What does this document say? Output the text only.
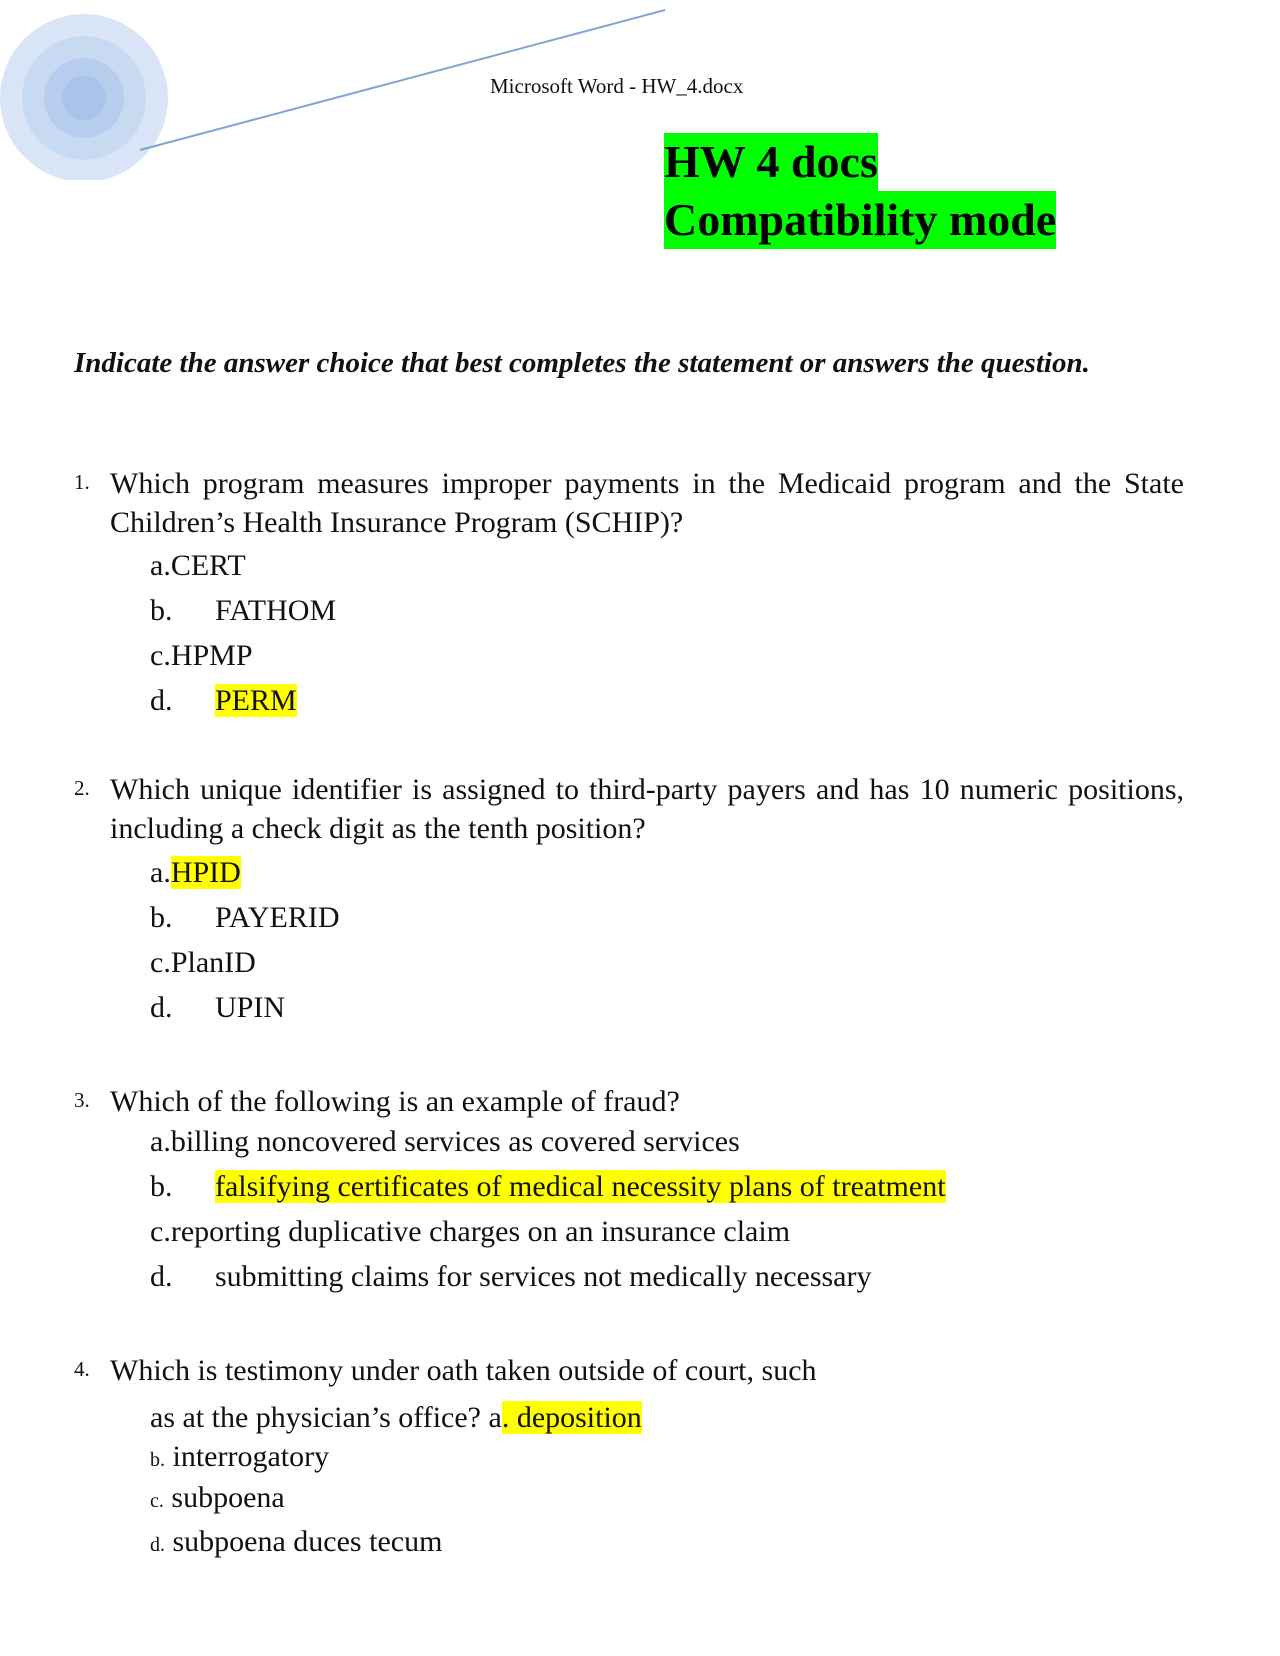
Microsoft Word - HW_4.docx
HW 4 docs
Compatibility mode
Indicate the answer choice that best completes the statement or answers the question.
1. Which program measures improper payments in the Medicaid program and the State Children’s Health Insurance Program (SCHIP)?
a.CERT
b. FATHOM
c.HPMP
d. PERM
2. Which unique identifier is assigned to third-party payers and has 10 numeric positions, including a check digit as the tenth position?
a.HPID
b. PAYERID
c.PlanID
d. UPIN
3. Which of the following is an example of fraud?
a.billing noncovered services as covered services
b. falsifying certificates of medical necessity plans of treatment
c.reporting duplicative charges on an insurance claim
d. submitting claims for services not medically necessary
4. Which is testimony under oath taken outside of court, such
as at the physician’s office? a. deposition
b. interrogatory
c. subpoena
d. subpoena duces tecum
